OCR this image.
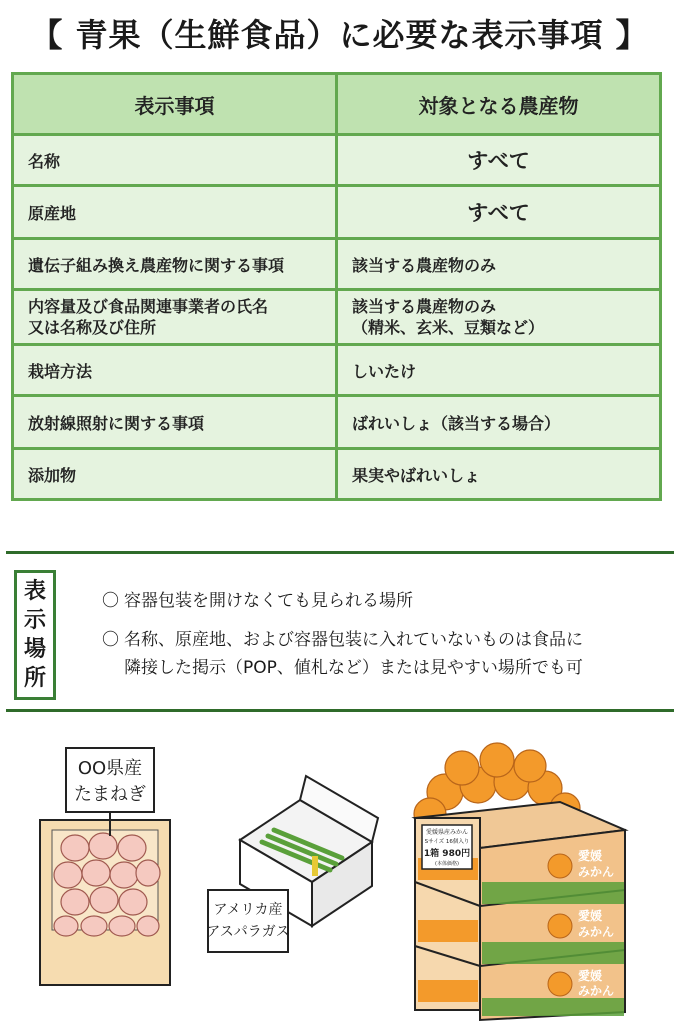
【 青果（生鮮食品）に必要な表示事項 】
表示事項	対象となる農産物
名称	すべて
原産地	すべて
遺伝子組み換え農産物に関する事項	該当する農産物のみ
内容量及び食品関連事業者の氏名
又は名称及び住所	該当する農産物のみ
（精米、玄米、豆類など）
栽培方法	しいたけ
放射線照射に関する事項	ばれいしょ（該当する場合）
添加物	果実やばれいしょ
表
示
場
所
〇 容器包装を開けなくても見られる場所
〇 名称、原産地、および容器包装に入れていないものは食品に
隣接した掲示（POP、値札など）または見やすい場所でも可
OO県産
たまねぎ
アメリカ産
アスパラガス
愛媛県産みかん
Sサイズ 16個入り
1箱 980円
(本体価格)
愛媛
みかん
愛媛
みかん
愛媛
みかん
